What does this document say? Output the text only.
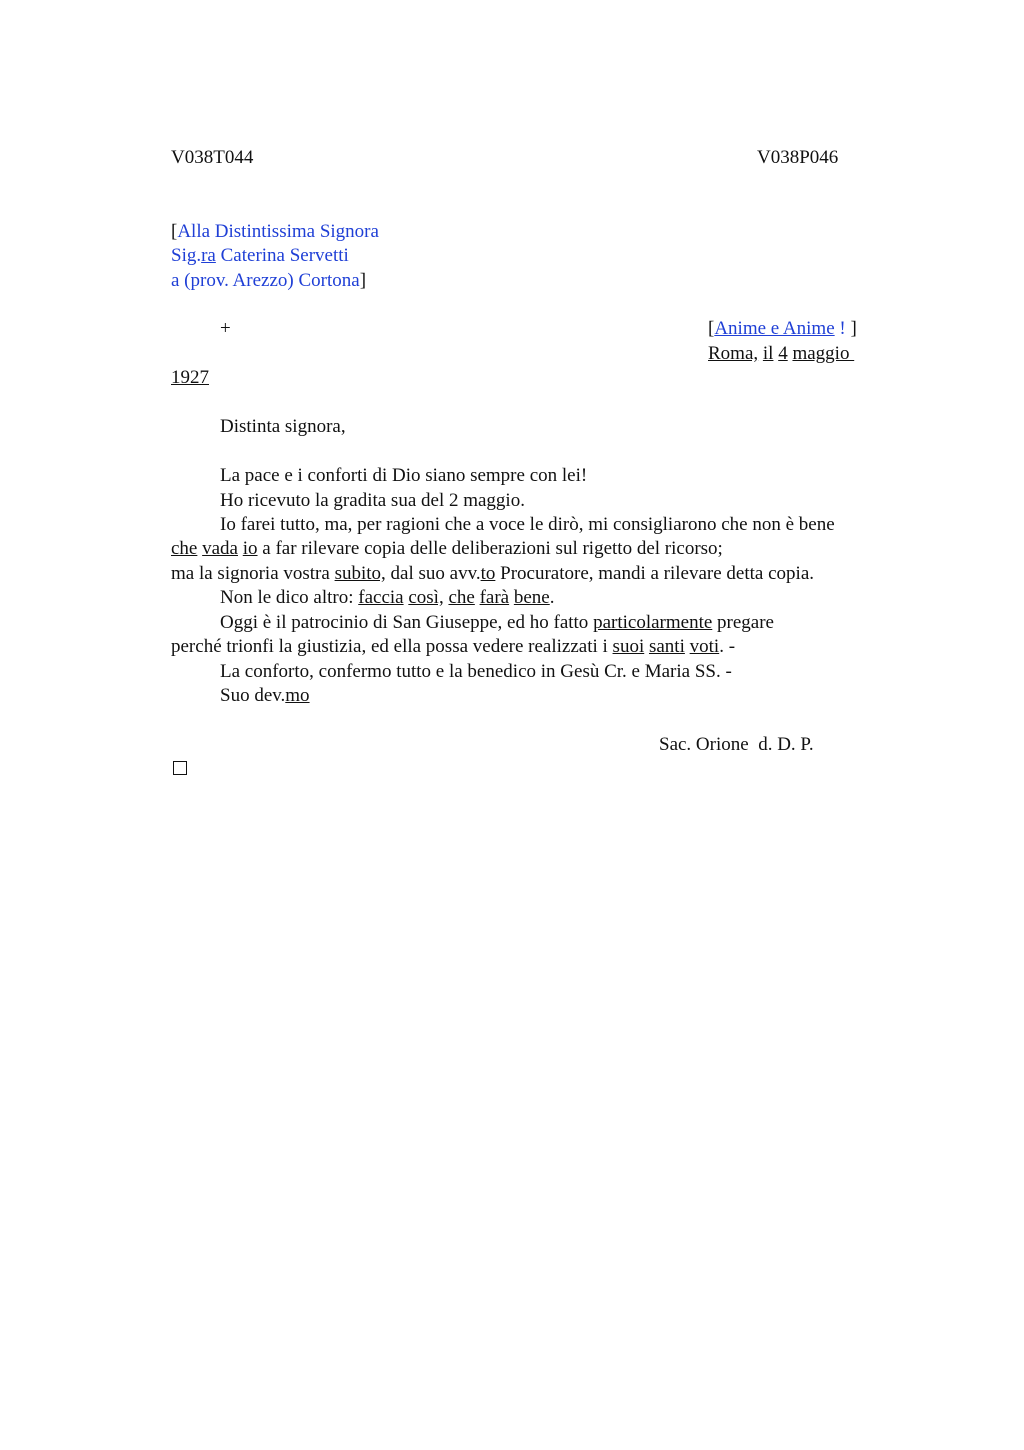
V038T044	V038P046
[Alla Distintissima Signora
Sig.ra Caterina Servetti
a (prov. Arezzo) Cortona]
+	[Anime e Anime ! ]
Roma, il 4 maggio
1927
Distinta signora,
La pace e i conforti di Dio siano sempre con lei!
Ho ricevuto la gradita sua del 2 maggio.
Io farei tutto, ma, per ragioni che a voce le dirò, mi consigliarono che non è bene
che vada io a far rilevare copia delle deliberazioni sul rigetto del ricorso;
ma la signoria vostra subito, dal suo avv.to Procuratore, mandi a rilevare detta copia.
Non le dico altro: faccia così, che farà bene.
Oggi è il patrocinio di San Giuseppe, ed ho fatto particolarmente pregare
perché trionfi la giustizia, ed ella possa vedere realizzati i suoi santi voti. -
La conforto, confermo tutto e la benedico in Gesù Cr. e Maria SS. -
Suo dev.mo
Sac. Orione  d. D. P.
